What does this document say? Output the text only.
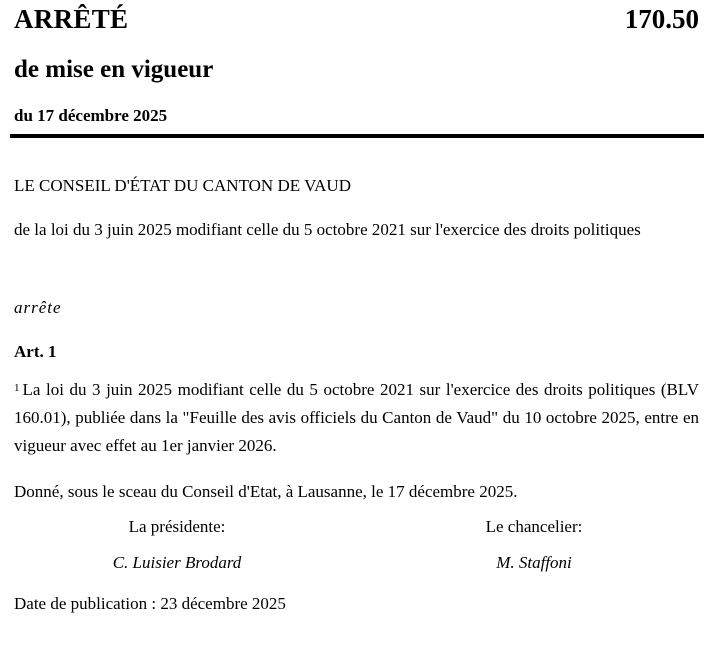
ARRÊTÉ	170.50
de mise en vigueur
du 17 décembre 2025
LE CONSEIL D'ÉTAT DU CANTON DE VAUD
de la loi du 3 juin 2025 modifiant celle du 5 octobre 2021 sur l'exercice des droits politiques
arrête
Art. 1
$^1$ La loi du 3 juin 2025 modifiant celle du 5 octobre 2021 sur l'exercice des droits politiques (BLV 160.01), publiée dans la "Feuille des avis officiels du Canton de Vaud" du 10 octobre 2025, entre en vigueur avec effet au 1er janvier 2026.
Donné, sous le sceau du Conseil d'Etat, à Lausanne, le 17 décembre 2025.
La présidente:	Le chancelier:
C. Luisier Brodard	M. Staffoni
Date de publication : 23 décembre 2025
